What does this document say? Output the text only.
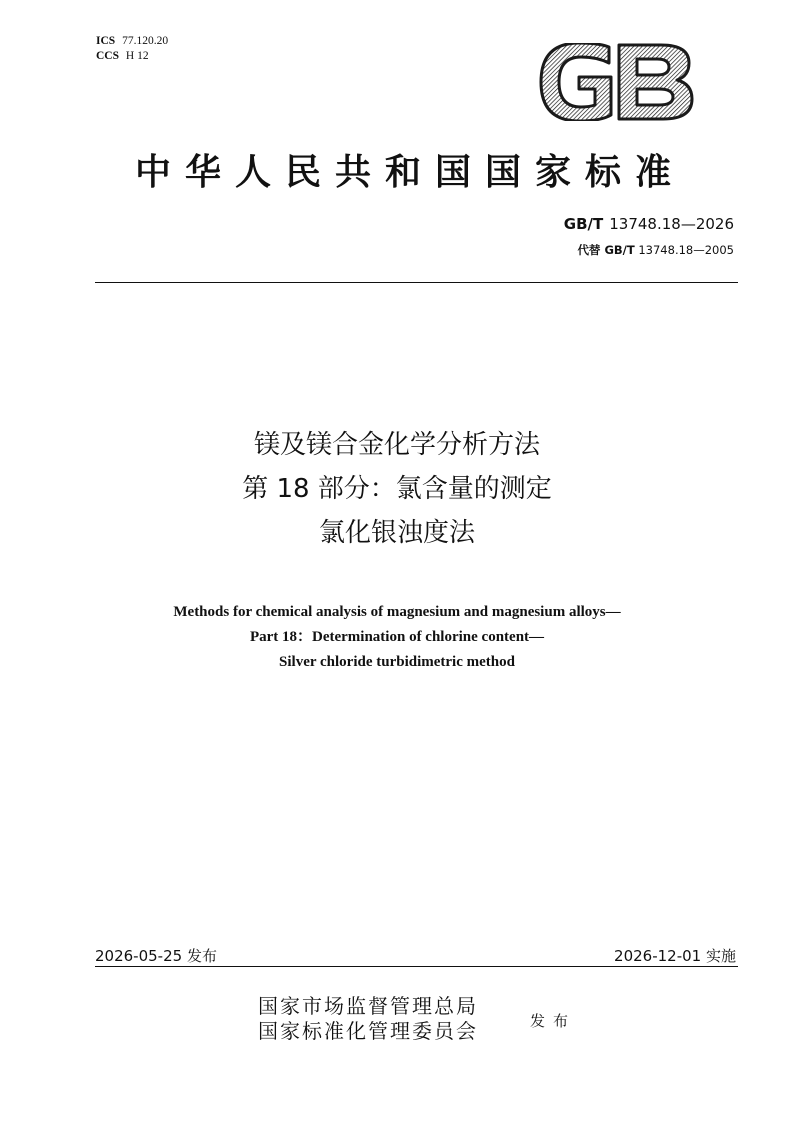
ICS 77.120.20
CCS H 12
中华人民共和国国家标准
GB/T 13748.18—2026
代替 GB/T 13748.18—2005
镁及镁合金化学分析方法
第 18 部分：氯含量的测定
氯化银浊度法
Methods for chemical analysis of magnesium and magnesium alloys—
Part 18：Determination of chlorine content—
Silver chloride turbidimetric method
2026-05-25 发布	2026-12-01 实施
国家市场监督管理总局
国家标准化管理委员会	发布
